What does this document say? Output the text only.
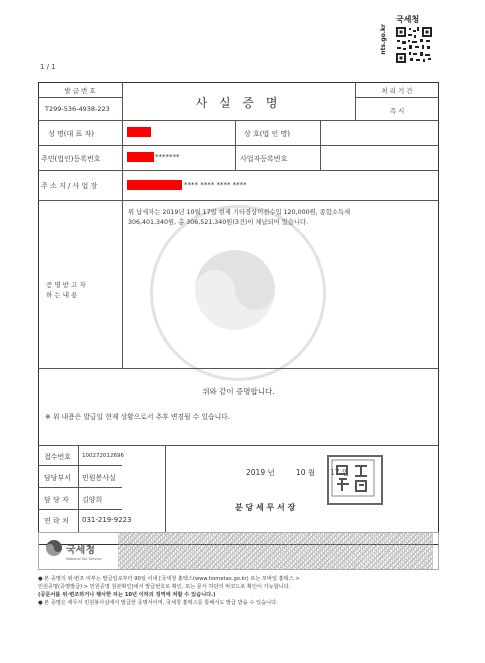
1 / 1
국세청
nts.go.kr
발 급 번 호
T299-536-4938-223	사 실 증 명
처 리 기 간
즉 시
성 명(대 표 자)	상 호(법 인 명)
주민(법인)등록번호	*******	사업자등록번호
주 소 지 / 사 업 장	**** **** **** ****
증 명 받 고 자
하 는 내 용
위 납세자는 2019년 10월 17일 현재 기타경상이전수입 120,000원, 종합소득세
306,401,340원, 총 306,521,340원(3건)이 체납되어 있습니다.
위와 같이 증명합니다.
※ 위 내용은 발급일 현재 상황으로서 추후 변경될 수 있습니다.
접수번호 100272012696
담당부서 민원봉사실
담 당 자 김양희
연 락 처 031-219-9223
2019 년	10 월 17 일
분 당 세 무 서 장
국세청
National Tax Service
● 본 증명의 위·변조 여부는 발급일로부터 90일 이내 [국세청 홈택스(www.hometax.go.kr) 또는 모바일 홈택스 >
민원증명(증명발급) > 민원증명 원본확인]에서 발급번호로 확인, 또는 문서 하단의 바코드로 확인이 가능합니다.
(공문서를 위·변조하거나 행사한 자는 10년 이하의 징역에 처할 수 있습니다.)
● 본 증명은 세무서 민원봉사실에서 발급한 증명서이며, 국세청 홈택스를 통해서도 발급 받을 수 있습니다.
